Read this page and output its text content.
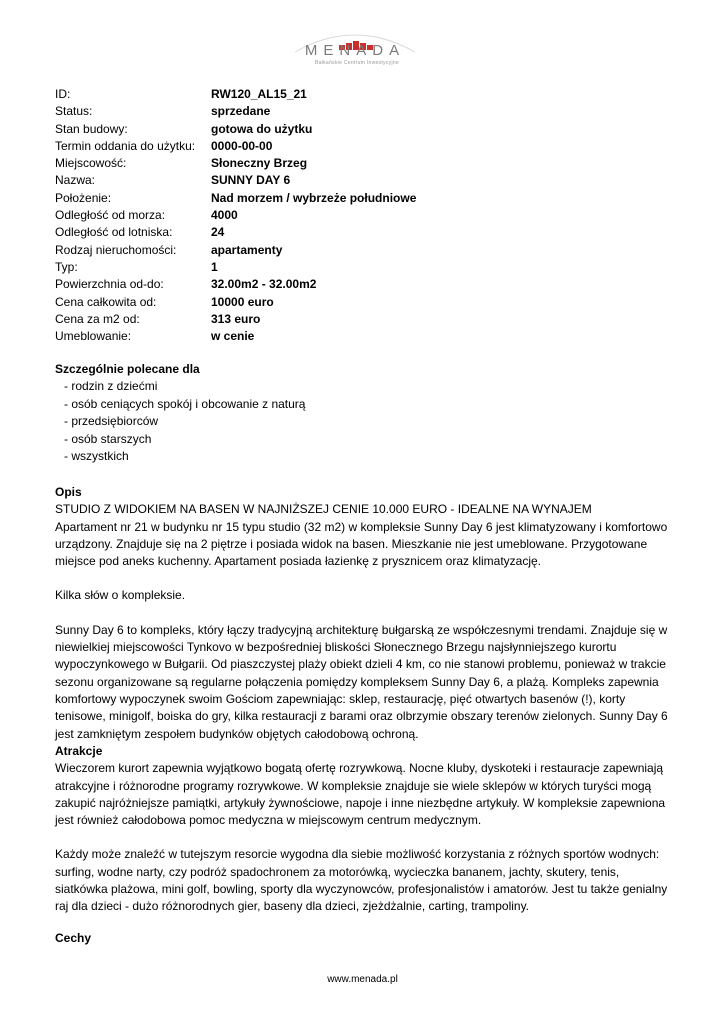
MENADA
Bałkańskie Centrum Inwestycyjne
ID:	RW120_AL15_21
Status:	sprzedane
Stan budowy:	gotowa do użytku
Termin oddania do użytku: 0000-00-00
Miejscowość:	Słoneczny Brzeg
Nazwa:	SUNNY DAY 6
Położenie:	Nad morzem / wybrzeże południowe
Odległość od morza:	4000
Odległość od lotniska:	24
Rodzaj nieruchomości:	apartamenty
Typ:	1
Powierzchnia od-do:	32.00m2 - 32.00m2
Cena całkowita od:	10000 euro
Cena za m2 od:	313 euro
Umeblowanie:	w cenie
Szczególnie polecane dla
- rodzin z dziećmi
- osób ceniących spokój i obcowanie z naturą
- przedsiębiorców
- osób starszych
- wszystkich
Opis

STUDIO Z WIDOKIEM NA BASEN W NAJNIŻSZEJ CENIE 10.000 EURO - IDEALNE NA WYNAJEM

Apartament nr 21 w budynku nr 15 typu studio (32 m2) w kompleksie Sunny Day 6 jest klimatyzowany i komfortowo urządzony. Znajduje się na 2 piętrze i posiada widok na basen. Mieszkanie nie jest umeblowane. Przygotowane miejsce pod aneks kuchenny. Apartament posiada łazienkę z prysznicem oraz klimatyzację.

Kilka słów o kompleksie.

Sunny Day 6 to kompleks, który łączy tradycyjną architekturę bułgarską ze współczesnymi trendami. Znajduje się w niewielkiej miejscowości Tynkovo w bezpośredniej bliskości Słonecznego Brzegu najsłynniejszego kurortu wypoczynkowego w Bułgarii. Od piaszczystej plaży obiekt dzieli 4 km, co nie stanowi problemu, ponieważ w trakcie sezonu organizowane są regularne połączenia pomiędzy kompleksem Sunny Day 6, a plażą. Kompleks zapewnia komfortowy wypoczynek swoim Gościom zapewniając: sklep, restaurację, pięć otwartych basenów (!), korty tenisowe, minigolf, boiska do gry, kilka restauracji z barami oraz olbrzymie obszary terenów zielonych. Sunny Day 6 jest zamkniętym zespołem budynków objętych całodobową ochroną.

Atrakcje

Wieczorem kurort zapewnia wyjątkowo bogatą ofertę rozrywkową. Nocne kluby, dyskoteki i restauracje zapewniają atrakcyjne i różnorodne programy rozrywkowe. W kompleksie znajduje sie wiele sklepów w których turyści mogą zakupić najróżniejsze pamiątki, artykuły żywnościowe, napoje i inne niezbędne artykuły. W kompleksie zapewniona jest również całodobowa pomoc medyczna w miejscowym centrum medycznym.

Każdy może znaleźć w tutejszym resorcie wygodna dla siebie możliwość korzystania z różnych sportów wodnych: surfing, wodne narty, czy podróż spadochronem za motorówką, wycieczka bananem, jachty, skutery, tenis, siatkówka plażowa, mini golf, bowling, sporty dla wyczynowców, profesjonalistów i amatorów. Jest tu także genialny raj dla dzieci - dużo różnorodnych gier, baseny dla dzieci, zjeżdżalnie, carting, trampoliny.

Cechy
www.menada.pl
